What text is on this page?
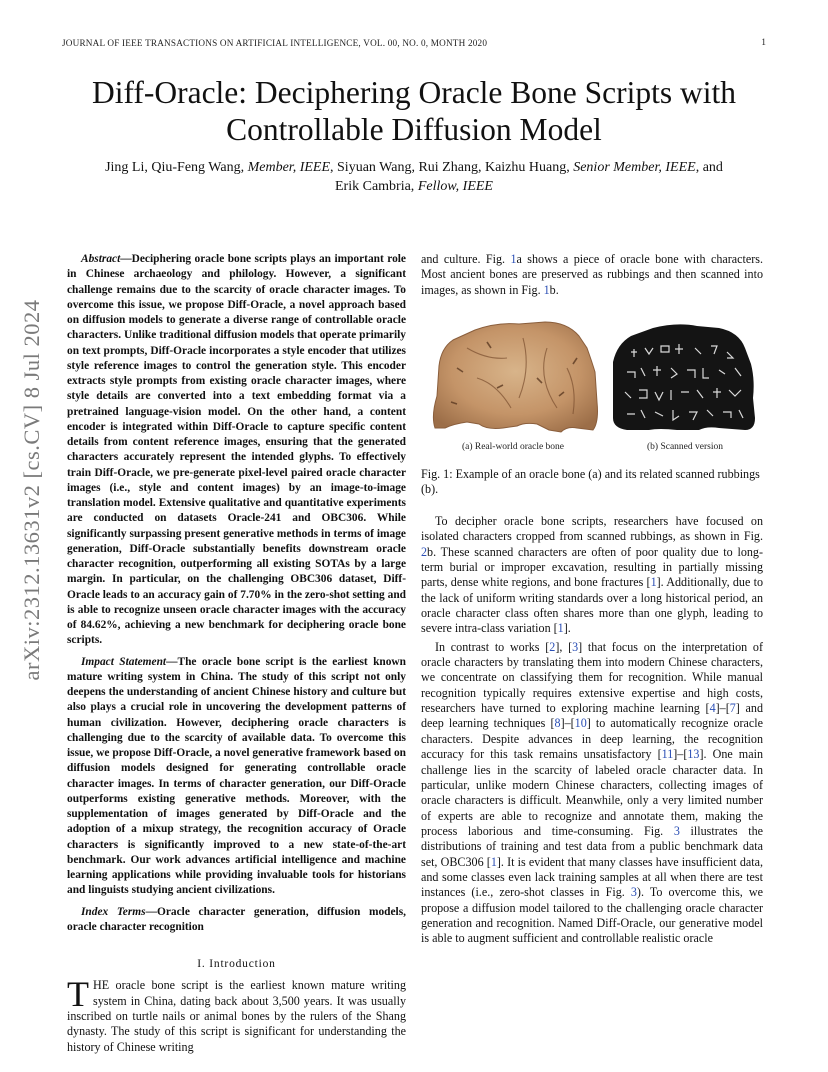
JOURNAL OF IEEE TRANSACTIONS ON ARTIFICIAL INTELLIGENCE, VOL. 00, NO. 0, MONTH 2020	1
arXiv:2312.13631v2 [cs.CV] 8 Jul 2024
Diff-Oracle: Deciphering Oracle Bone Scripts with
Controllable Diffusion Model
Jing Li, Qiu-Feng Wang, Member, IEEE, Siyuan Wang, Rui Zhang, Kaizhu Huang, Senior Member, IEEE, and
Erik Cambria, Fellow, IEEE

Abstract—Deciphering oracle bone scripts plays an important role in Chinese archaeology and philology. However, a significant challenge remains due to the scarcity of oracle character images. To overcome this issue, we propose Diff-Oracle, a novel approach based on diffusion models to generate a diverse range of controllable oracle characters. Unlike traditional diffusion models that operate primarily on text prompts, Diff-Oracle incorporates a style encoder that utilizes style reference images to control the generation style. This encoder extracts style prompts from existing oracle character images, where style details are converted into a text embedding format via a pretrained language-vision model. On the other hand, a content encoder is integrated within Diff-Oracle to capture specific content details from content reference images, ensuring that the generated characters accurately represent the intended glyphs. To effectively train Diff-Oracle, we pre-generate pixel-level paired oracle character images (i.e., style and content images) by an image-to-image translation model. Extensive qualitative and quantitative experiments are conducted on datasets Oracle-241 and OBC306. While significantly surpassing present generative methods in terms of image generation, Diff-Oracle substantially benefits downstream oracle character recognition, outperforming all existing SOTAs by a large margin. In particular, on the challenging OBC306 dataset, Diff-Oracle leads to an accuracy gain of 7.70% in the zero-shot setting and is able to recognize unseen oracle character images with the accuracy of 84.62%, achieving a new benchmark for deciphering oracle bone scripts.

Impact Statement—The oracle bone script is the earliest known mature writing system in China. The study of this script not only deepens the understanding of ancient Chinese history and culture but also plays a crucial role in uncovering the development patterns of human civilization. However, deciphering oracle characters is challenging due to the scarcity of available data. To overcome this issue, we propose Diff-Oracle, a novel generative framework based on diffusion models designed for generating controllable oracle character images. In terms of character generation, our Diff-Oracle outperforms existing generative methods. Moreover, with the supplementation of images generated by Diff-Oracle and the adoption of a mixup strategy, the recognition accuracy of Oracle characters is significantly improved to a new state-of-the-art benchmark. Our work advances artificial intelligence and machine learning applications while providing invaluable tools for historians and linguists studying ancient civilizations.

Index Terms—Oracle character generation, diffusion models, oracle character recognition

I. Introduction

THE oracle bone script is the earliest known mature writing system in China, dating back about 3,500 years. It was usually inscribed on turtle nails or animal bones by the rulers of the Shang dynasty. The study of this script is significant for understanding the history of Chinese writing

and culture. Fig. 1a shows a piece of oracle bone with characters. Most ancient bones are preserved as rubbings and then scanned into images, as shown in Fig. 1b.

(a) Real-world oracle bone	(b) Scanned version
Fig. 1: Example of an oracle bone (a) and its related scanned rubbings (b).

To decipher oracle bone scripts, researchers have focused on isolated characters cropped from scanned rubbings, as shown in Fig. 2b. These scanned characters are often of poor quality due to long-term burial or improper excavation, resulting in partially missing parts, dense white regions, and bone fractures [1]. Additionally, due to the lack of uniform writing standards over a long historical period, an oracle character class often shares more than one glyph, leading to severe intra-class variation [1].

In contrast to works [2], [3] that focus on the interpretation of oracle characters by translating them into modern Chinese characters, we concentrate on classifying them for recognition. While manual recognition typically requires extensive expertise and high costs, researchers have turned to exploring machine learning [4]–[7] and deep learning techniques [8]–[10] to automatically recognize oracle characters. Despite advances in deep learning, the recognition accuracy for this task remains unsatisfactory [11]–[13]. One main challenge lies in the scarcity of labeled oracle character data. In particular, unlike modern Chinese characters, collecting images of oracle characters is difficult. Meanwhile, only a very limited number of experts are able to recognize and annotate them, making the process laborious and time-consuming. Fig. 3 illustrates the distributions of training and test data from a public benchmark data set, OBC306 [1]. It is evident that many classes have insufficient data, and some classes even lack training samples at all when there are test instances (i.e., zero-shot classes in Fig. 3). To overcome this, we propose a diffusion model tailored to the challenging oracle character generation and recognition. Named Diff-Oracle, our generative model is able to augment sufficient and controllable realistic oracle
